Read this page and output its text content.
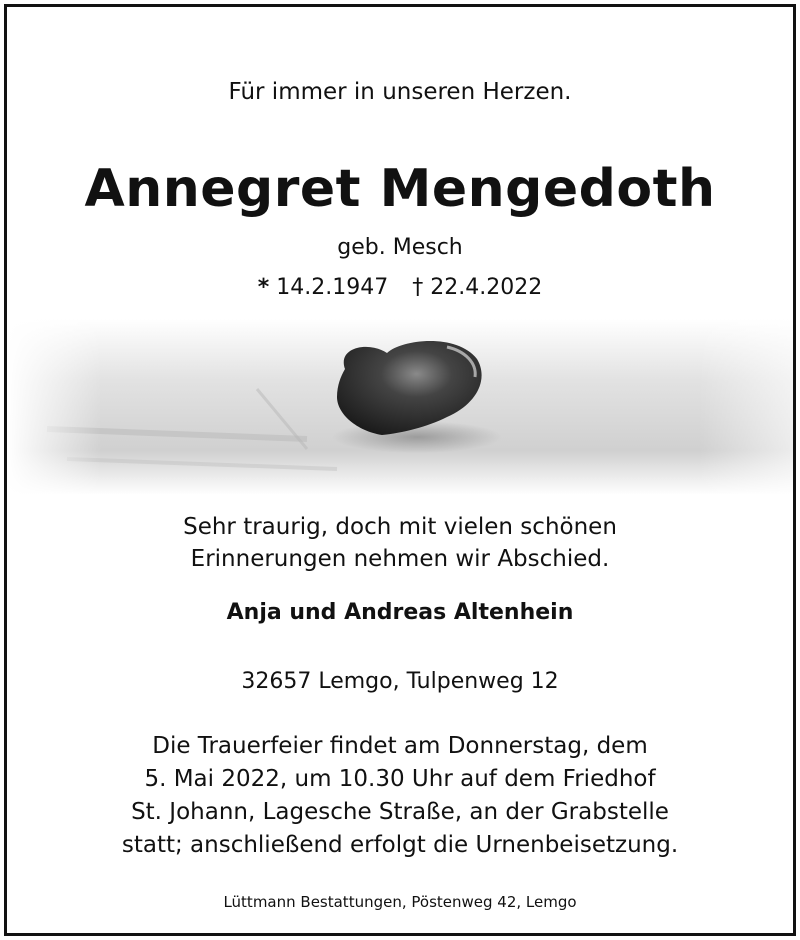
Für immer in unseren Herzen.
Annegret Mengedoth
geb. Mesch
* 14.2.1947 † 22.4.2022
Sehr traurig, doch mit vielen schönen
Erinnerungen nehmen wir Abschied.
Anja und Andreas Altenhein
32657 Lemgo, Tulpenweg 12
Die Trauerfeier findet am Donnerstag, dem
5. Mai 2022, um 10.30 Uhr auf dem Friedhof
St. Johann, Lagesche Straße, an der Grabstelle
statt; anschließend erfolgt die Urnenbeisetzung.
Lüttmann Bestattungen, Pöstenweg 42, Lemgo
